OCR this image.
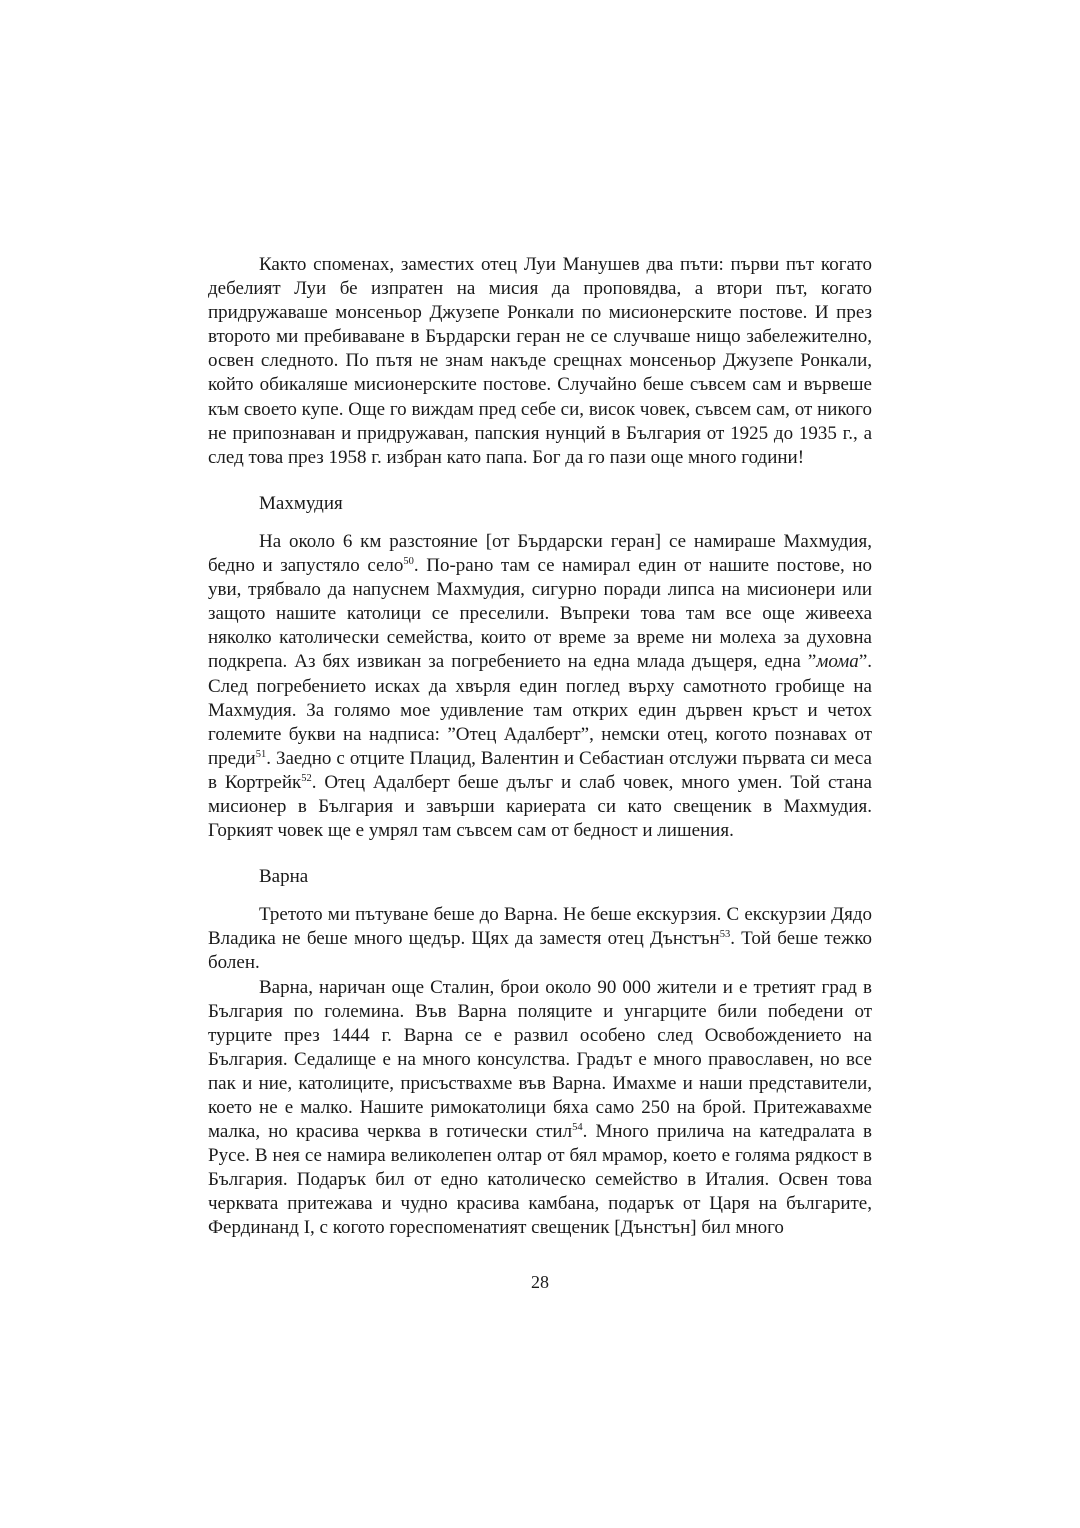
Както споменах, заместих отец Луи Манушев два пъти: първи път когато дебелият Луи бе изпратен на мисия да проповядва, а втори път, когато придружаваше монсеньор Джузепе Ронкали по мисионерските постове. И през второто ми пребиваване в Бърдарски геран не се случваше нищо забележително, освен следното. По пътя не знам накъде срещнах монсеньор Джузепе Ронкали, който обикаляше мисионерските постове. Случайно беше съвсем сам и вървеше към своето купе. Още го виждам пред себе си, висок човек, съвсем сам, от никого не припознаван и придружаван, папския нунций в България от 1925 до 1935 г., а след това през 1958 г. избран като папа. Бог да го пази още много години!

Махмудия

На около 6 км разстояние [от Бърдарски геран] се намираше Махмудия, бедно и запустяло село$^{50}$. По-рано там се намирал един от нашите постове, но уви, трябвало да напуснем Махмудия, сигурно поради липса на мисионери или защото нашите католици се преселили. Въпреки това там все още живееха няколко католически семейства, които от време за време ни молеха за духовна подкрепа. Аз бях извикан за погребението на една млада дъщеря, една ”мома”. След погребението исках да хвърля един поглед върху самотното гробище на Махмудия. За голямо мое удивление там открих един дървен кръст и четох големите букви на надписа: ”Отец Адалберт”, немски отец, когото познавах от преди$^{51}$. Заедно с отците Плацид, Валентин и Себастиан отслужи първата си меса в Кортрейк$^{52}$. Отец Адалберт беше дълъг и слаб човек, много умен. Той стана мисионер в България и завърши кариерата си като свещеник в Махмудия. Горкият човек ще е умрял там съвсем сам от бедност и лишения.

Варна

Третото ми пътуване беше до Варна. Не беше екскурзия. С екскурзии Дядо Владика не беше много щедър. Щях да заместя отец Дънстън$^{53}$. Той беше тежко болен.

Варна, наричан още Сталин, брои около 90 000 жители и е третият град в България по големина. Във Варна поляците и унгарците били победени от турците през 1444 г. Варна се е развил особено след Освобождението на България. Седалище е на много консулства. Градът е много православен, но все пак и ние, католиците, присъствахме във Варна. Имахме и наши представители, което не е малко. Нашите римокатолици бяха само 250 на брой. Притежавахме малка, но красива черква в готически стил$^{54}$. Много прилича на катедралата в Русе. В нея се намира великолепен олтар от бял мрамор, което е голяма рядкост в България. Подарък бил от едно католическо семейство в Италия. Освен това черквата притежава и чудно красива камбана, подарък от Царя на българите, Фердинанд I, с когото гореспоменатият свещеник [Дънстън] бил много

28
